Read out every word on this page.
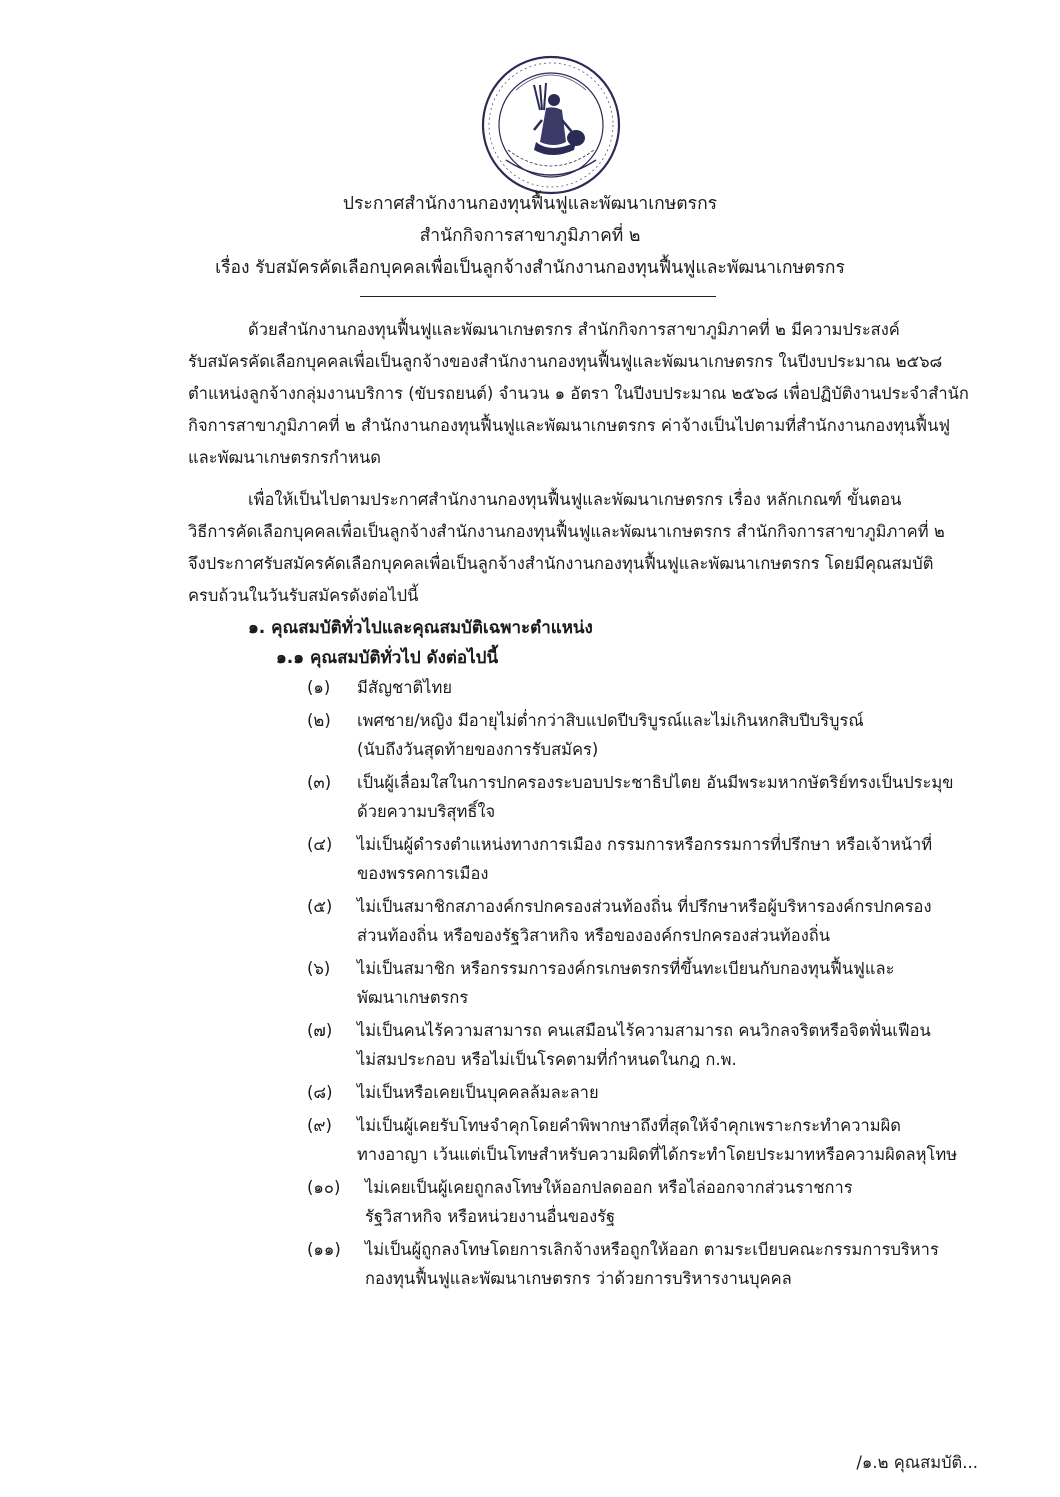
ประกาศสำนักงานกองทุนฟื้นฟูและพัฒนาเกษตรกร
สำนักกิจการสาขาภูมิภาคที่ ๒
เรื่อง รับสมัครคัดเลือกบุคคลเพื่อเป็นลูกจ้างสำนักงานกองทุนฟื้นฟูและพัฒนาเกษตรกร
ด้วยสำนักงานกองทุนฟื้นฟูและพัฒนาเกษตรกร สำนักกิจการสาขาภูมิภาคที่ ๒ มีความประสงค์
รับสมัครคัดเลือกบุคคลเพื่อเป็นลูกจ้างของสำนักงานกองทุนฟื้นฟูและพัฒนาเกษตรกร ในปีงบประมาณ ๒๕๖๘
ตำแหน่งลูกจ้างกลุ่มงานบริการ (ขับรถยนต์) จำนวน ๑ อัตรา ในปีงบประมาณ ๒๕๖๘ เพื่อปฏิบัติงานประจำสำนัก
กิจการสาขาภูมิภาคที่ ๒ สำนักงานกองทุนฟื้นฟูและพัฒนาเกษตรกร ค่าจ้างเป็นไปตามที่สำนักงานกองทุนฟื้นฟู
และพัฒนาเกษตรกรกำหนด
เพื่อให้เป็นไปตามประกาศสำนักงานกองทุนฟื้นฟูและพัฒนาเกษตรกร เรื่อง หลักเกณฑ์ ขั้นตอน
วิธีการคัดเลือกบุคคลเพื่อเป็นลูกจ้างสำนักงานกองทุนฟื้นฟูและพัฒนาเกษตรกร สำนักกิจการสาขาภูมิภาคที่ ๒
จึงประกาศรับสมัครคัดเลือกบุคคลเพื่อเป็นลูกจ้างสำนักงานกองทุนฟื้นฟูและพัฒนาเกษตรกร โดยมีคุณสมบัติ
ครบถ้วนในวันรับสมัครดังต่อไปนี้
๑. คุณสมบัติทั่วไปและคุณสมบัติเฉพาะตำแหน่ง
๑.๑ คุณสมบัติทั่วไป ดังต่อไปนี้
(๑)	มีสัญชาติไทย
(๒)	เพศชาย/หญิง มีอายุไม่ต่ำกว่าสิบแปดปีบริบูรณ์และไม่เกินหกสิบปีบริบูรณ์
(นับถึงวันสุดท้ายของการรับสมัคร)
(๓)	เป็นผู้เลื่อมใสในการปกครองระบอบประชาธิปไตย อันมีพระมหากษัตริย์ทรงเป็นประมุข
ด้วยความบริสุทธิ์ใจ
(๔)	ไม่เป็นผู้ดำรงตำแหน่งทางการเมือง กรรมการหรือกรรมการที่ปรึกษา หรือเจ้าหน้าที่
ของพรรคการเมือง
(๕)	ไม่เป็นสมาชิกสภาองค์กรปกครองส่วนท้องถิ่น ที่ปรึกษาหรือผู้บริหารองค์กรปกครอง
ส่วนท้องถิ่น หรือของรัฐวิสาหกิจ หรือขององค์กรปกครองส่วนท้องถิ่น
(๖)	ไม่เป็นสมาชิก หรือกรรมการองค์กรเกษตรกรที่ขึ้นทะเบียนกับกองทุนฟื้นฟูและ
พัฒนาเกษตรกร
(๗)	ไม่เป็นคนไร้ความสามารถ คนเสมือนไร้ความสามารถ คนวิกลจริตหรือจิตฟั่นเฟือน
ไม่สมประกอบ หรือไม่เป็นโรคตามที่กำหนดในกฎ ก.พ.
(๘)	ไม่เป็นหรือเคยเป็นบุคคลล้มละลาย
(๙)	ไม่เป็นผู้เคยรับโทษจำคุกโดยคำพิพากษาถึงที่สุดให้จำคุกเพราะกระทำความผิด
ทางอาญา เว้นแต่เป็นโทษสำหรับความผิดที่ได้กระทำโดยประมาทหรือความผิดลหุโทษ
(๑๐)	ไม่เคยเป็นผู้เคยถูกลงโทษให้ออกปลดออก หรือไล่ออกจากส่วนราชการ
รัฐวิสาหกิจ หรือหน่วยงานอื่นของรัฐ
(๑๑)	ไม่เป็นผู้ถูกลงโทษโดยการเลิกจ้างหรือถูกให้ออก ตามระเบียบคณะกรรมการบริหาร
กองทุนฟื้นฟูและพัฒนาเกษตรกร ว่าด้วยการบริหารงานบุคคล
/๑.๒ คุณสมบัติ...
